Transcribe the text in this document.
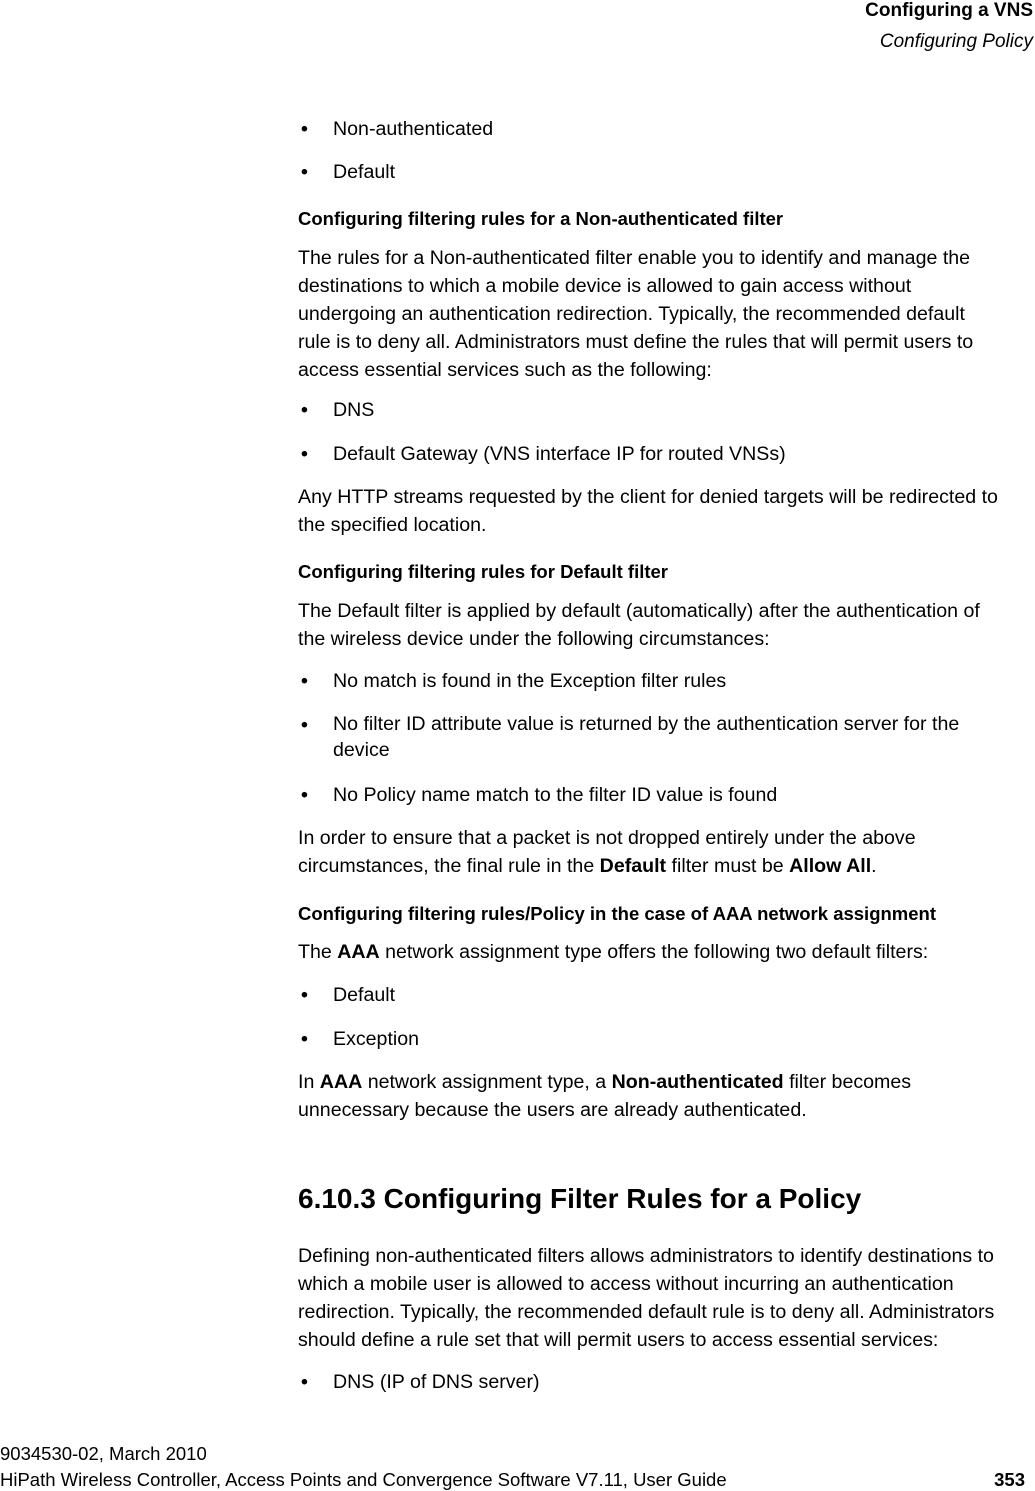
Configuring a VNS
Configuring Policy
• Non-authenticated
• Default
Configuring filtering rules for a Non-authenticated filter
The rules for a Non-authenticated filter enable you to identify and manage the
destinations to which a mobile device is allowed to gain access without
undergoing an authentication redirection. Typically, the recommended default
rule is to deny all. Administrators must define the rules that will permit users to
access essential services such as the following:
• DNS
• Default Gateway (VNS interface IP for routed VNSs)
Any HTTP streams requested by the client for denied targets will be redirected to
the specified location.
Configuring filtering rules for Default filter
The Default filter is applied by default (automatically) after the authentication of
the wireless device under the following circumstances:
• No match is found in the Exception filter rules
• No filter ID attribute value is returned by the authentication server for the
device
• No Policy name match to the filter ID value is found
In order to ensure that a packet is not dropped entirely under the above
circumstances, the final rule in the Default filter must be Allow All.
Configuring filtering rules/Policy in the case of AAA network assignment
The AAA network assignment type offers the following two default filters:
• Default
• Exception
In AAA network assignment type, a Non-authenticated filter becomes
unnecessary because the users are already authenticated.
6.10.3 Configuring Filter Rules for a Policy
Defining non-authenticated filters allows administrators to identify destinations to
which a mobile user is allowed to access without incurring an authentication
redirection. Typically, the recommended default rule is to deny all. Administrators
should define a rule set that will permit users to access essential services:
• DNS (IP of DNS server)
9034530-02, March 2010
HiPath Wireless Controller, Access Points and Convergence Software V7.11, User Guide	353
